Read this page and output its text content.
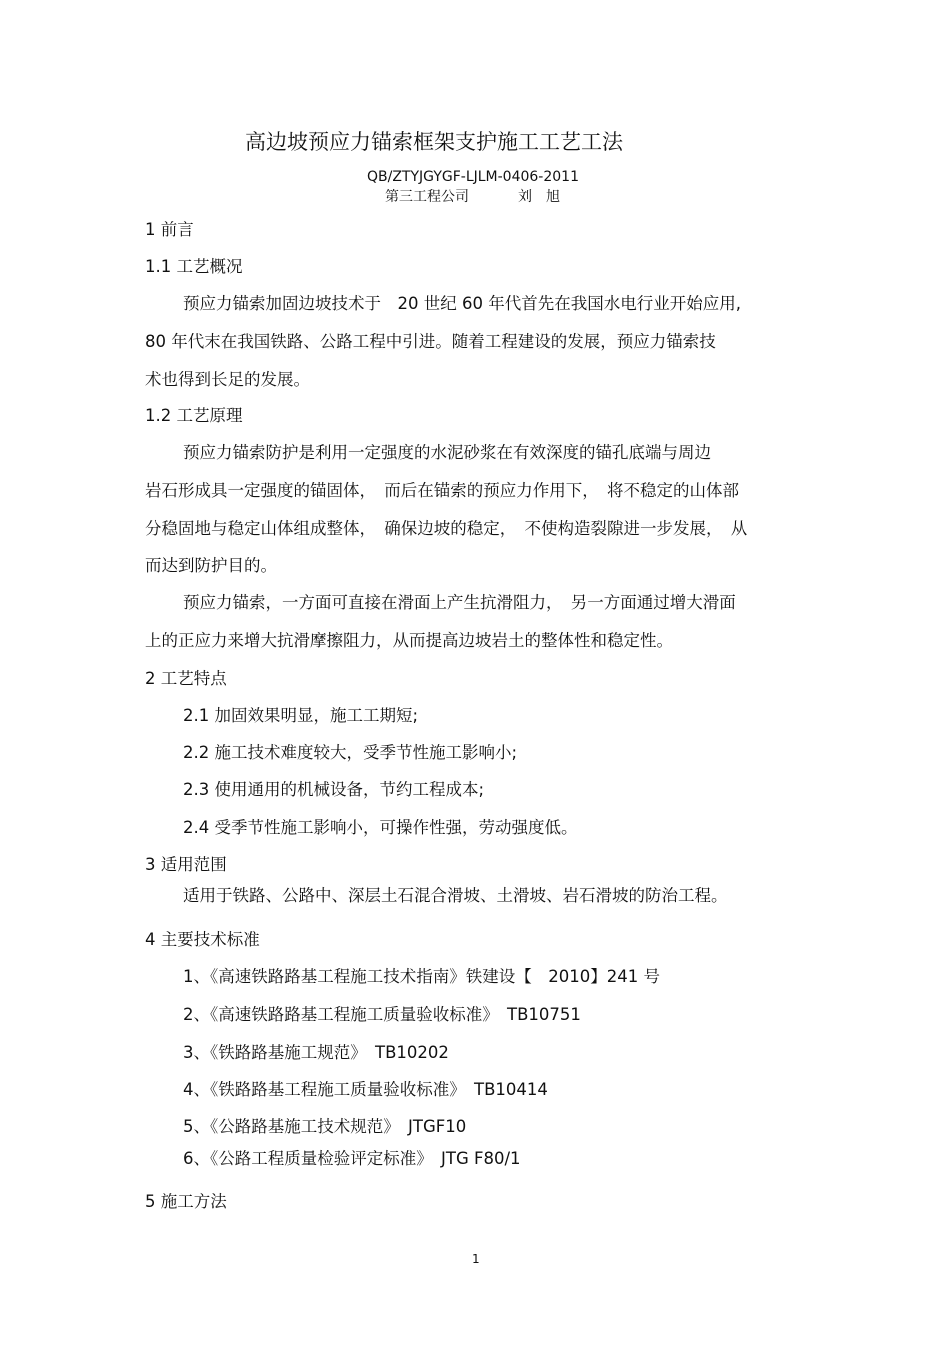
高边坡预应力锚索框架支护施工工艺工法
QB/ZTYJGYGF-LJLM-0406-2011
第三工程公司	刘　旭
1 前言
1.1 工艺概况
预应力锚索加固边坡技术于　20 世纪 60 年代首先在我国水电行业开始应用,
80 年代末在我国铁路、公路工程中引进。随着工程建设的发展，预应力锚索技
术也得到长足的发展。
1.2 工艺原理
预应力锚索防护是利用一定强度的水泥砂浆在有效深度的锚孔底端与周边
岩石形成具一定强度的锚固体，　而后在锚索的预应力作用下，　将不稳定的山体部
分稳固地与稳定山体组成整体，　确保边坡的稳定，　不使构造裂隙进一步发展，　从
而达到防护目的。
预应力锚索，一方面可直接在滑面上产生抗滑阻力，　另一方面通过增大滑面
上的正应力来增大抗滑摩擦阻力，从而提高边坡岩土的整体性和稳定性。
2 工艺特点
2.1 加固效果明显，施工工期短;
2.2 施工技术难度较大，受季节性施工影响小;
2.3 使用通用的机械设备，节约工程成本;
2.4 受季节性施工影响小，可操作性强，劳动强度低。
3 适用范围
适用于铁路、公路中、深层土石混合滑坡、土滑坡、岩石滑坡的防治工程。
4 主要技术标准
1、《高速铁路路基工程施工技术指南》铁建设【　2010】241 号
2、《高速铁路路基工程施工质量验收标准》　TB10751
3、《铁路路基施工规范》　TB10202
4、《铁路路基工程施工质量验收标准》　TB10414
5、《公路路基施工技术规范》　JTGF10
6、《公路工程质量检验评定标准》　JTG F80/1
5 施工方法
1
